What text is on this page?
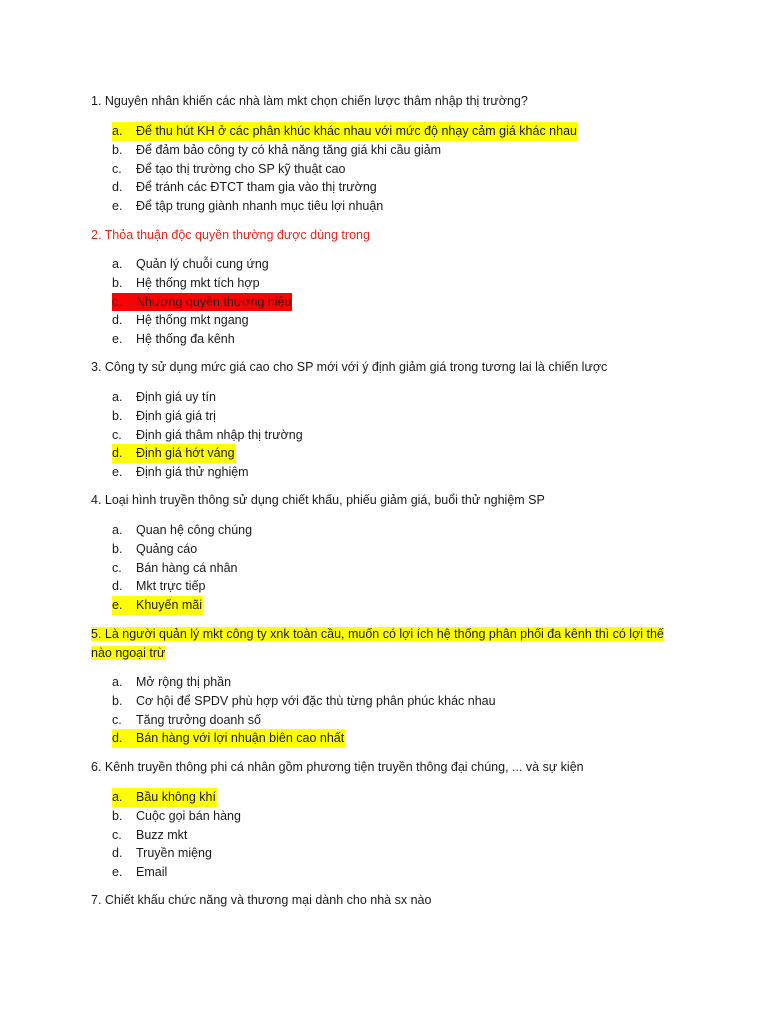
1. Nguyên nhân khiến các nhà làm mkt chọn chiến lược thâm nhập thị trường?

a. Để thu hút KH ở các phân khúc khác nhau với mức độ nhạy cảm giá khác nhau
b. Để đảm bảo công ty có khả năng tăng giá khi cầu giảm
c. Để tạo thị trường cho SP kỹ thuật cao
d. Để tránh các ĐTCT tham gia vào thị trường
e. Để tập trung giành nhanh mục tiêu lợi nhuận

2. Thỏa thuận độc quyền thường được dùng trong

a. Quản lý chuỗi cung ứng
b. Hệ thống mkt tích hợp
c. Nhượng quyền thương hiệu
d. Hệ thống mkt ngang
e. Hệ thống đa kênh

3. Công ty sử dụng mức giá cao cho SP mới với ý định giảm giá trong tương lai là chiến lược

a. Định giá uy tín
b. Định giá giá trị
c. Định giá thâm nhập thị trường
d. Định giá hớt váng
e. Định giá thử nghiệm

4. Loại hình truyền thông sử dụng chiết khấu, phiếu giảm giá, buổi thử nghiệm SP

a. Quan hệ công chúng
b. Quảng cáo
c. Bán hàng cá nhân
d. Mkt trực tiếp
e. Khuyến mãi
5. Là người quản lý mkt công ty xnk toàn cầu, muốn có lợi ích hệ thống phân phối đa kênh thì có lợi thế
nào ngoại trừ
a. Mở rộng thị phần
b. Cơ hội để SPDV phù hợp với đặc thù từng phân phúc khác nhau
c. Tăng trưởng doanh số
d. Bán hàng với lợi nhuận biên cao nhất

6. Kênh truyền thông phi cá nhân gồm phương tiện truyền thông đại chúng, ... và sự kiện

a. Bầu không khí
b. Cuộc gọi bán hàng
c. Buzz mkt
d. Truyền miệng
e. Email

7. Chiết khấu chức năng và thương mại dành cho nhà sx nào
